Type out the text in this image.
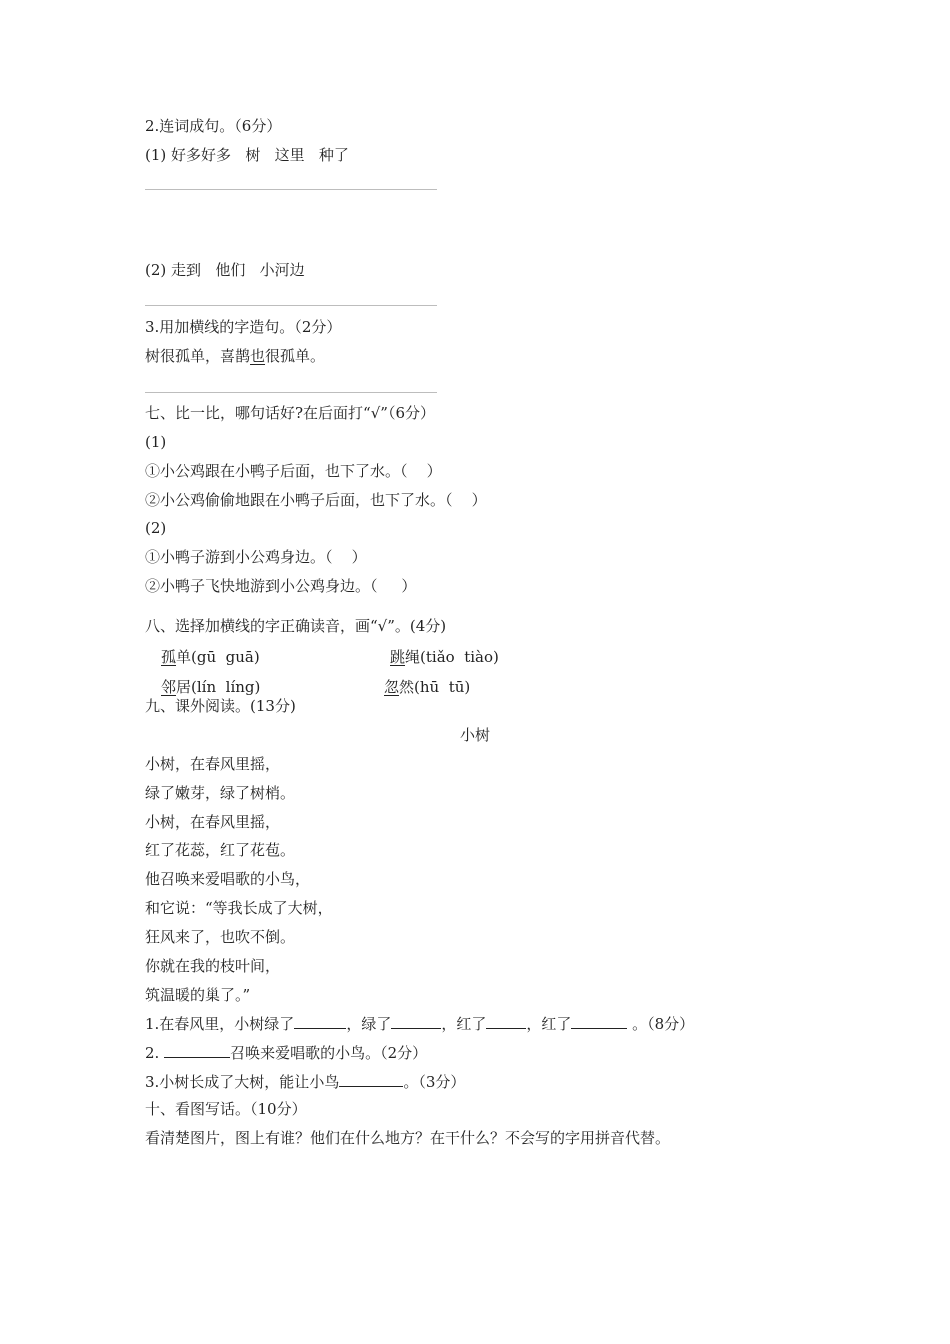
2.连词成句。（6分）
(1) 好多好多   树   这里   种了
(2) 走到   他们   小河边
3.用加横线的字造句。（2分）
树很孤单，喜鹊也很孤单。
七、比一比，哪句话好?在后面打“√”（6分）
(1)
①小公鸡跟在小鸭子后面，也下了水。（    ）
②小公鸡偷偷地跟在小鸭子后面，也下了水。（    ）
(2)
①小鸭子游到小公鸡身边。（    ）
②小鸭子飞快地游到小公鸡身边。（     ）
八、选择加横线的字正确读音，画“√”。(4分)
孤单(gū  guā)	跳绳(tiǎo  tiào)
邻居(lín  líng)	忽然(hū  tū)
九、课外阅读。(13分)
小树
小树，在春风里摇，
绿了嫩芽，绿了树梢。
小树，在春风里摇，
红了花蕊，红了花苞。
他召唤来爱唱歌的小鸟，
和它说：“等我长成了大树，
狂风来了，也吹不倒。
你就在我的枝叶间，
筑温暖的巢了。”
1.在春风里，小树绿了	，绿了	，红了	，红了	。（8分）
2.	召唤来爱唱歌的小鸟。（2分）
3.小树长成了大树，能让小鸟	。（3分）
十、看图写话。（10分）
看清楚图片，图上有谁？他们在什么地方？在干什么？不会写的字用拼音代替。
